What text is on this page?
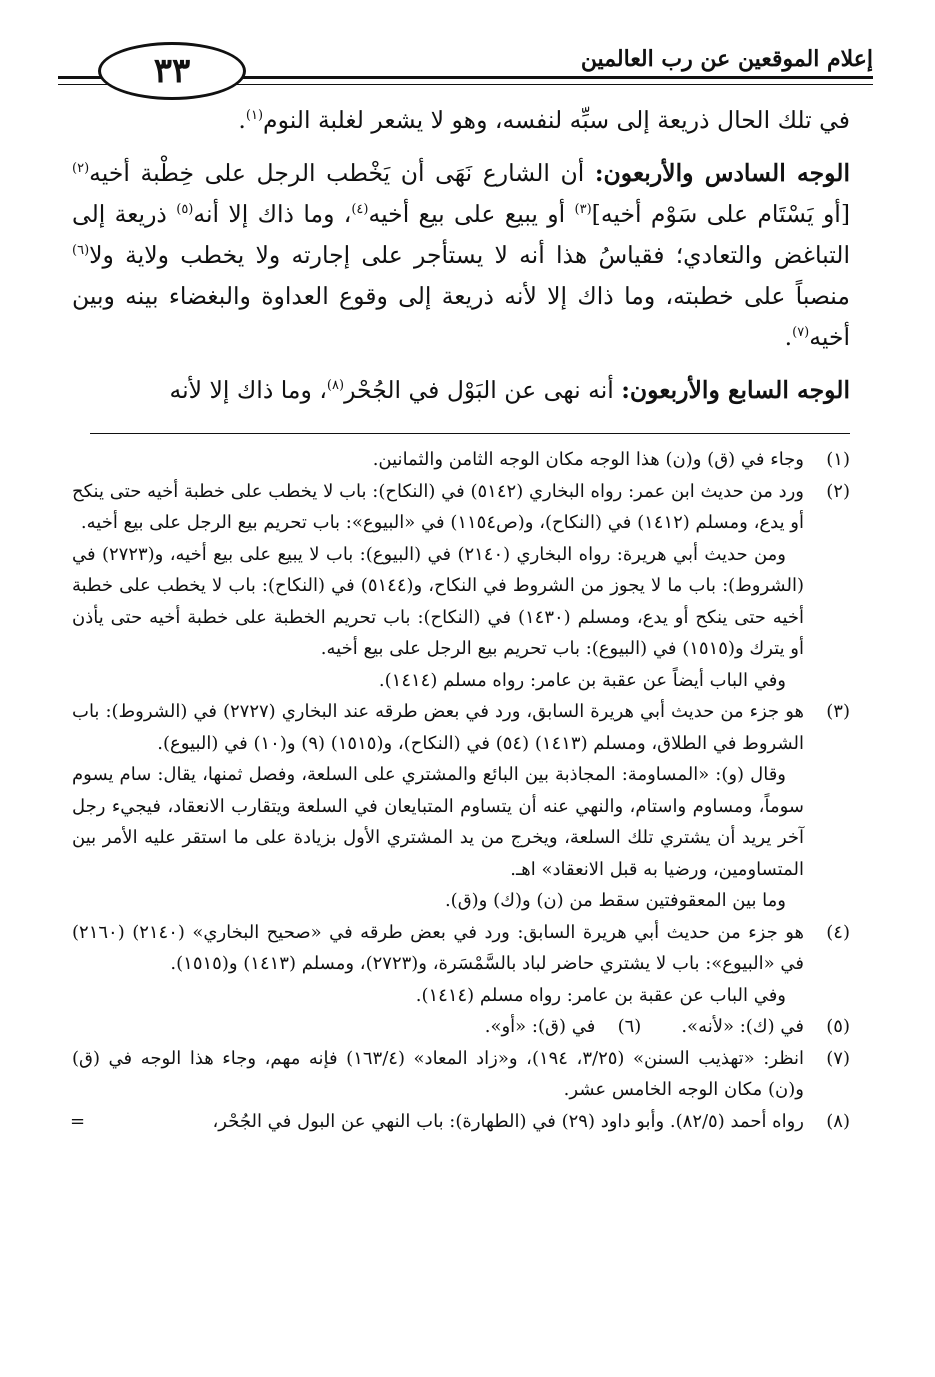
إعلام الموقعين عن رب العالمين
٣٣

في تلك الحال ذريعة إلى سبِّه لنفسه، وهو لا يشعر لغلبة النوم$^{(١)}$.

الوجه السادس والأربعون: أن الشارع نَهَى أن يَخْطب الرجل على خِطْبة أخيه$^{(٢)}$ [أو يَسْتَام على سَوْم أخيه]$^{(٣)}$ أو يبيع على بيع أخيه$^{(٤)}$، وما ذاك إلا أنه$^{(٥)}$ ذريعة إلى التباغض والتعادي؛ فقياسُ هذا أنه لا يستأجر على إجارته ولا يخطب ولاية ولا$^{(٦)}$ منصباً على خطبته، وما ذاك إلا لأنه ذريعة إلى وقوع العداوة والبغضاء بينه وبين أخيه$^{(٧)}$.

الوجه السابع والأربعون: أنه نهى عن البَوْل في الجُحْر$^{(٨)}$، وما ذاك إلا لأنه

(١)

وجاء في (ق) و(ن) هذا الوجه مكان الوجه الثامن والثمانين.

(٢)

ورد من حديث ابن عمر: رواه البخاري (٥١٤٢) في (النكاح): باب لا يخطب على خطبة أخيه حتى ينكح أو يدع، ومسلم (١٤١٢) في (النكاح)، و(ص١١٥٤) في «البيوع»: باب تحريم بيع الرجل على بيع أخيه.

ومن حديث أبي هريرة: رواه البخاري (٢١٤٠) في (البيوع): باب لا يبيع على بيع أخيه، و(٢٧٢٣) في (الشروط): باب ما لا يجوز من الشروط في النكاح، و(٥١٤٤) في (النكاح): باب لا يخطب على خطبة أخيه حتى ينكح أو يدع، ومسلم (١٤٣٠) في (النكاح): باب تحريم الخطبة على خطبة أخيه حتى يأذن أو يترك و(١٥١٥) في (البيوع): باب تحريم بيع الرجل على بيع أخيه.

وفي الباب أيضاً عن عقبة بن عامر: رواه مسلم (١٤١٤).

(٣)

هو جزء من حديث أبي هريرة السابق، ورد في بعض طرقه عند البخاري (٢٧٢٧) في (الشروط): باب الشروط في الطلاق، ومسلم (١٤١٣) (٥٤) في (النكاح)، و(١٥١٥) (٩) و(١٠) في (البيوع).

وقال (و): «المساومة: المجاذبة بين البائع والمشتري على السلعة، وفصل ثمنها، يقال: سام يسوم سوماً، ومساوم واستام، والنهي عنه أن يتساوم المتبايعان في السلعة ويتقارب الانعقاد، فيجيء رجل آخر يريد أن يشتري تلك السلعة، ويخرج من يد المشتري الأول بزيادة على ما استقر عليه الأمر بين المتساومين، ورضيا به قبل الانعقاد» اهـ.

وما بين المعقوفتين سقط من (ن) و(ك) و(ق).

(٤)

هو جزء من حديث أبي هريرة السابق: ورد في بعض طرقه في «صحيح البخاري» (٢١٤٠) (٢١٦٠) في «البيوع»: باب لا يشتري حاضر لباد بالسَّمْسَرة، و(٢٧٢٣)، ومسلم (١٤١٣) و(١٥١٥).

وفي الباب عن عقبة بن عامر: رواه مسلم (١٤١٤).

(٥)
في (ك): «لأنه».
(٦)
في (ق): «أو».
(٧)

انظر: «تهذيب السنن» (٣/٢٥، ١٩٤)، و«زاد المعاد» (١٦٣/٤) فإنه مهم، وجاء هذا الوجه في (ق) و(ن) مكان الوجه الخامس عشر.

(٨)

رواه أحمد (٨٢/٥). وأبو داود (٢٩) في (الطهارة): باب النهي عن البول في الجُحْر،

=
